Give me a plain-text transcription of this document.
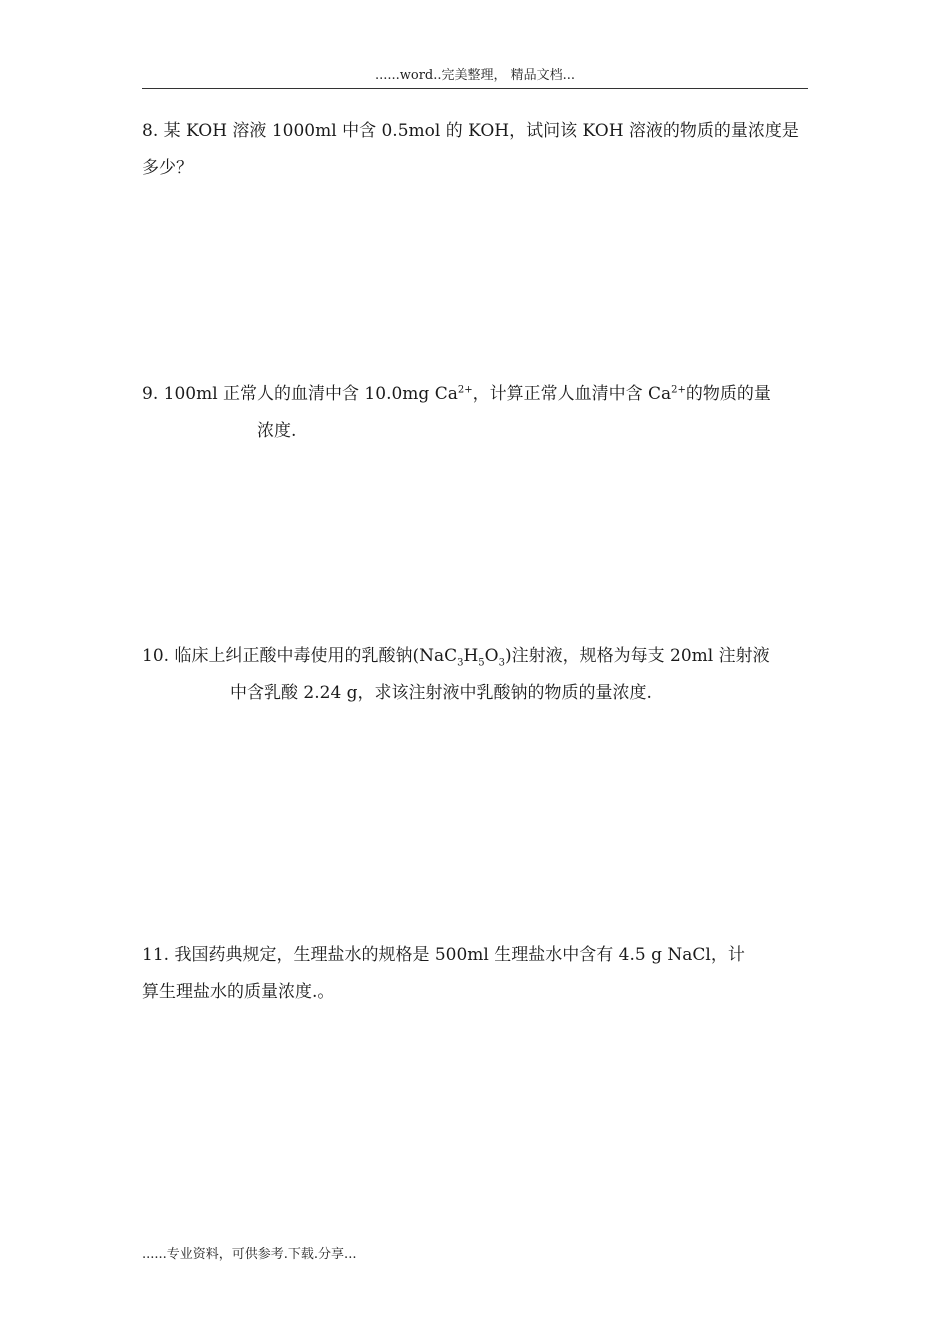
......word..完美整理， 精品文档...
8. 某 KOH 溶液 1000ml 中含 0.5mol 的 KOH，试问该 KOH 溶液的物质的量浓度是
多少？
9. 100ml 正常人的血清中含 10.0mg $Ca^{2+}$，计算正常人血清中含 $Ca^{2+}$的物质的量
浓度.
10. 临床上纠正酸中毒使用的乳酸钠$(NaC_3H_5O_3)$注射液，规格为每支 20ml 注射液
中含乳酸 2.24 g，求该注射液中乳酸钠的物质的量浓度.
11. 我国药典规定，生理盐水的规格是 500ml 生理盐水中含有 4.5 g NaCl，计
算生理盐水的质量浓度.。
......专业资料，可供参考.下载.分享...
